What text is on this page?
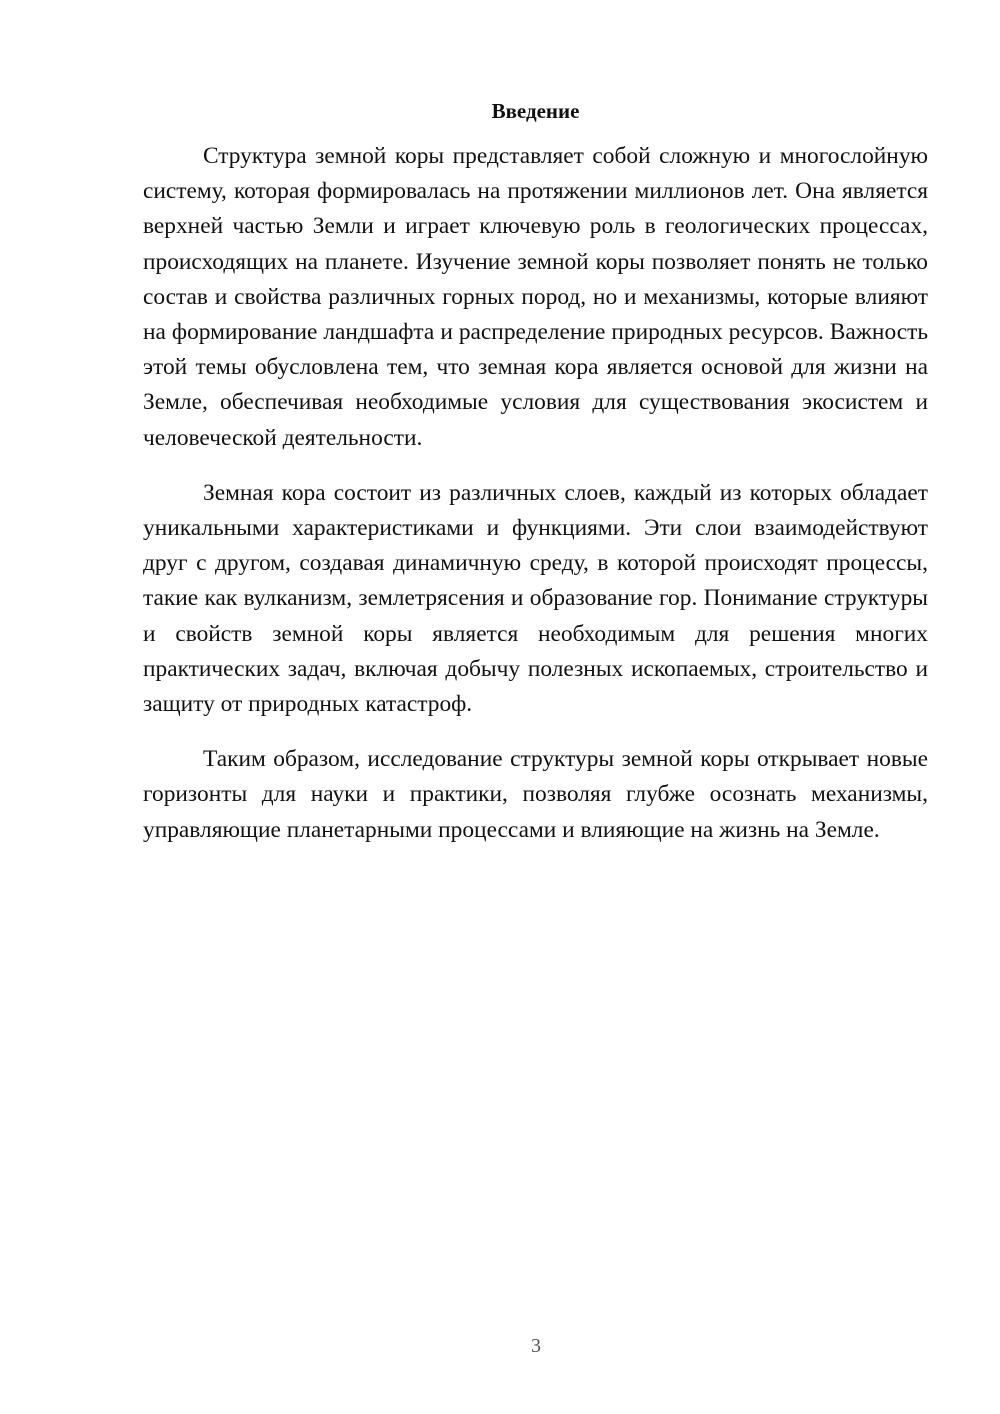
Введение

Структура земной коры представляет собой сложную и многослойную систему, которая формировалась на протяжении миллионов лет. Она является верхней частью Земли и играет ключевую роль в геологических процессах, происходящих на планете. Изучение земной коры позволяет понять не только состав и свойства различных горных пород, но и механизмы, которые влияют на формирование ландшафта и распределение природных ресурсов. Важность этой темы обусловлена тем, что земная кора является основой для жизни на Земле, обеспечивая необходимые условия для существования экосистем и человеческой деятельности.

Земная кора состоит из различных слоев, каждый из которых обладает уникальными характеристиками и функциями. Эти слои взаимодействуют друг с другом, создавая динамичную среду, в которой происходят процессы, такие как вулканизм, землетрясения и образование гор. Понимание структуры и свойств земной коры является необходимым для решения многих практических задач, включая добычу полезных ископаемых, строительство и защиту от природных катастроф.

Таким образом, исследование структуры земной коры открывает новые горизонты для науки и практики, позволяя глубже осознать механизмы, управляющие планетарными процессами и влияющие на жизнь на Земле.

3
